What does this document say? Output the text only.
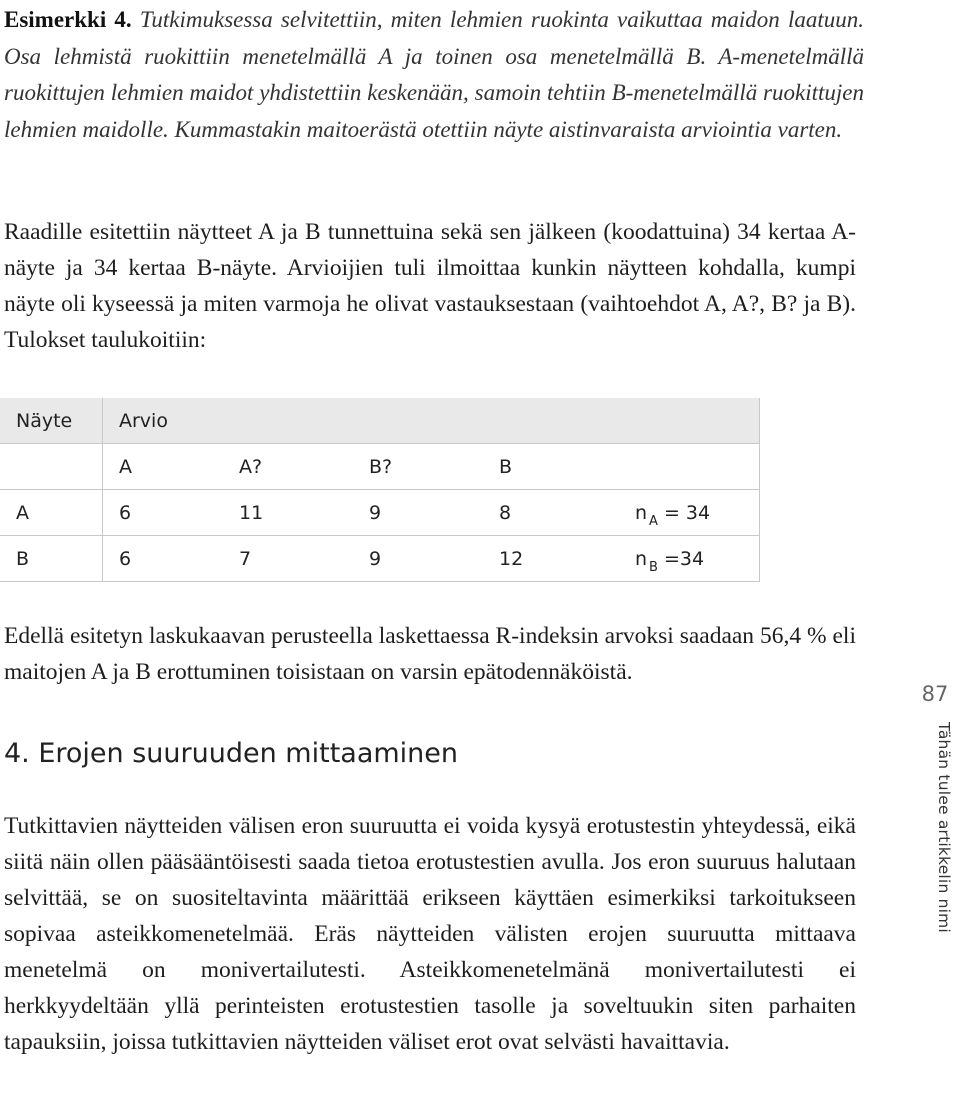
Esimerkki 4. Tutkimuksessa selvitettiin, miten lehmien ruokinta vaikuttaa maidon laatuun. Osa lehmistä ruokittiin menetelmällä A ja toinen osa menetelmällä B. A-menetelmällä ruokittujen lehmien maidot yhdistettiin keskenään, samoin tehtiin B-menetelmällä ruokittujen lehmien maidolle. Kummastakin maitoerästä otettiin näyte aistinvaraista arviointia varten.
Raadille esitettiin näytteet A ja B tunnettuina sekä sen jälkeen (koodattuina) 34 kertaa A-näyte ja 34 kertaa B-näyte. Arvioijien tuli ilmoittaa kunkin näytteen kohdalla, kumpi näyte oli kyseessä ja miten varmoja he olivat vastauksestaan (vaihtoehdot A, A?, B? ja B). Tulokset taulukoitiin:
Näyte	Arvio				
	A	A?	B?	B	
A	6	11	9	8	n $_A$ = 34
B	6	7	9	12	n $_B$ =34
Edellä esitetyn laskukaavan perusteella laskettaessa R-indeksin arvoksi saadaan 56,4 % eli maitojen A ja B erottuminen toisistaan on varsin epätodennäköistä.
4. Erojen suuruuden mittaaminen
Tutkittavien näytteiden välisen eron suuruutta ei voida kysyä erotustestin yhteydessä, eikä siitä näin ollen pääsääntöisesti saada tietoa erotustestien avulla. Jos eron suuruus halutaan selvittää, se on suositeltavinta määrittää erikseen käyttäen esimerkiksi tarkoitukseen sopivaa asteikkomenetelmää. Eräs näytteiden välisten erojen suuruutta mittaava menetelmä on monivertailutesti. Asteikkomenetelmänä monivertailutesti ei herkkyydeltään yllä perinteisten erotustestien tasolle ja soveltuukin siten parhaiten tapauksiin, joissa tutkittavien näytteiden väliset erot ovat selvästi havaittavia.
87
Tähän tulee artikkelin nimi
